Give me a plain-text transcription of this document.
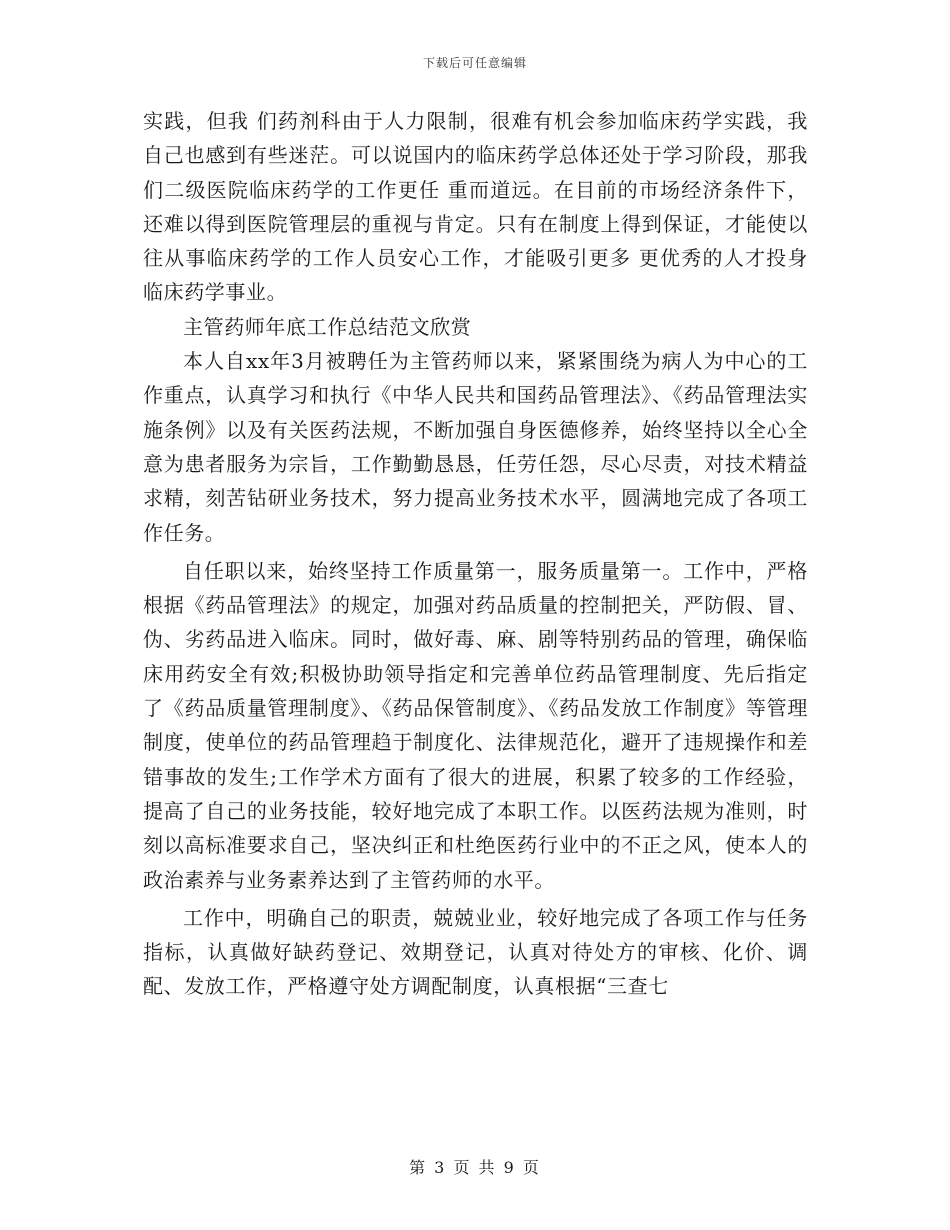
下载后可任意编辑

实践，但我 们药剂科由于人力限制，很难有机会参加临床药学实践，我自己也感到有些迷茫。可以说国内的临床药学总体还处于学习阶段，那我们二级医院临床药学的工作更任 重而道远。在目前的市场经济条件下，还难以得到医院管理层的重视与肯定。只有在制度上得到保证，才能使以往从事临床药学的工作人员安心工作，才能吸引更多 更优秀的人才投身临床药学事业。

主管药师年底工作总结范文欣赏

本人自xx年3月被聘任为主管药师以来，紧紧围绕为病人为中心的工作重点，认真学习和执行《中华人民共和国药品管理法》、《药品管理法实施条例》以及有关医药法规，不断加强自身医德修养，始终坚持以全心全意为患者服务为宗旨，工作勤勤恳恳，任劳任怨，尽心尽责，对技术精益求精，刻苦钻研业务技术，努力提高业务技术水平，圆满地完成了各项工作任务。

自任职以来，始终坚持工作质量第一，服务质量第一。工作中，严格根据《药品管理法》的规定，加强对药品质量的控制把关，严防假、冒、伪、劣药品进入临床。同时，做好毒、麻、剧等特别药品的管理，确保临床用药安全有效;积极协助领导指定和完善单位药品管理制度、先后指定了《药品质量管理制度》、《药品保管制度》、《药品发放工作制度》等管理制度，使单位的药品管理趋于制度化、法律规范化，避开了违规操作和差错事故的发生;工作学术方面有了很大的进展，积累了较多的工作经验，提高了自己的业务技能，较好地完成了本职工作。以医药法规为准则，时刻以高标准要求自己，坚决纠正和杜绝医药行业中的不正之风，使本人的政治素养与业务素养达到了主管药师的水平。

工作中，明确自己的职责，兢兢业业，较好地完成了各项工作与任务指标，认真做好缺药登记、效期登记，认真对待处方的审核、化价、调配、发放工作，严格遵守处方调配制度，认真根据“三查七

第 3 页 共 9 页
